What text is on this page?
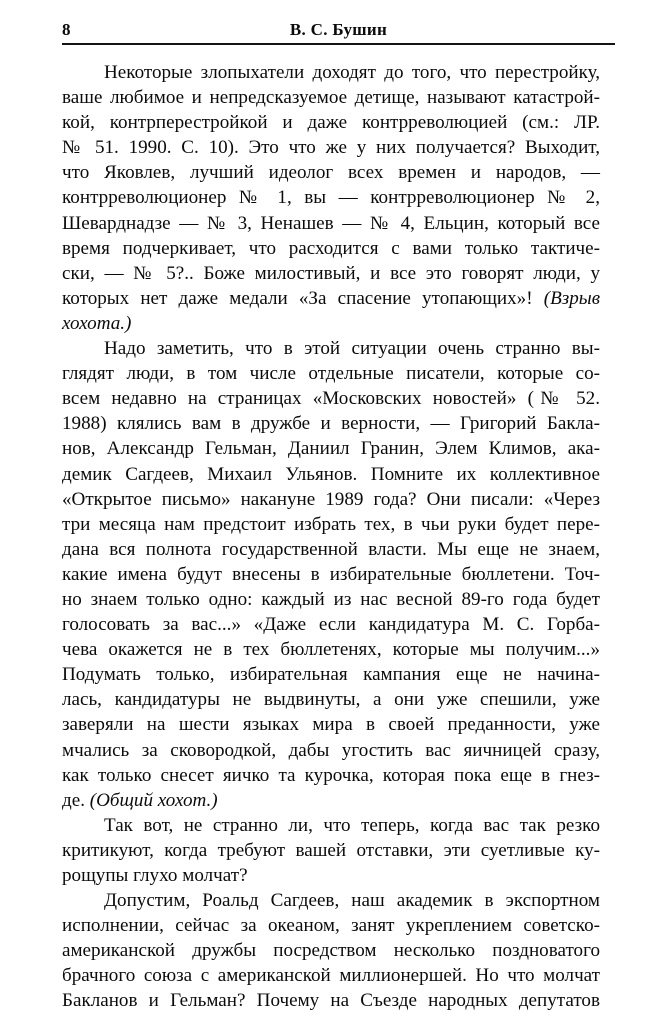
8	В. С. Бушин

Некоторые злопыхатели доходят до того, что перестройку,
ваше любимое и непредсказуемое детище, называют катастрой-
кой, контрперестройкой и даже контрреволюцией (см.: ЛР.
№ 51. 1990. С. 10). Это что же у них получается? Выходит,
что Яковлев, лучший идеолог всех времен и народов, —
контрреволюционер № 1, вы — контрреволюционер № 2,
Шеварднадзе — № 3, Ненашев — № 4, Ельцин, который все
время подчеркивает, что расходится с вами только тактиче-
ски, — № 5?.. Боже милостивый, и все это говорят люди, у
которых нет даже медали «За спасение утопающих»! (Взрыв
хохота.)

Надо заметить, что в этой ситуации очень странно вы-
глядят люди, в том числе отдельные писатели, которые со-
всем недавно на страницах «Московских новостей» (№ 52.
1988) клялись вам в дружбе и верности, — Григорий Бакла-
нов, Александр Гельман, Даниил Гранин, Элем Климов, ака-
демик Сагдеев, Михаил Ульянов. Помните их коллективное
«Открытое письмо» накануне 1989 года? Они писали: «Через
три месяца нам предстоит избрать тех, в чьи руки будет пере-
дана вся полнота государственной власти. Мы еще не знаем,
какие имена будут внесены в избирательные бюллетени. Точ-
но знаем только одно: каждый из нас весной 89-го года будет
голосовать за вас...» «Даже если кандидатура М. С. Горба-
чева окажется не в тех бюллетенях, которые мы получим...»
Подумать только, избирательная кампания еще не начина-
лась, кандидатуры не выдвинуты, а они уже спешили, уже
заверяли на шести языках мира в своей преданности, уже
мчались за сковородкой, дабы угостить вас яичницей сразу,
как только снесет яичко та курочка, которая пока еще в гнез-
де. (Общий хохот.)

Так вот, не странно ли, что теперь, когда вас так резко
критикуют, когда требуют вашей отставки, эти суетливые ку-
рощупы глухо молчат?

Допустим, Роальд Сагдеев, наш академик в экспортном
исполнении, сейчас за океаном, занят укреплением советско-
американской дружбы посредством несколько поздноватого
брачного союза с американской миллионершей. Но что молчат
Бакланов и Гельман? Почему на Съезде народных депутатов
